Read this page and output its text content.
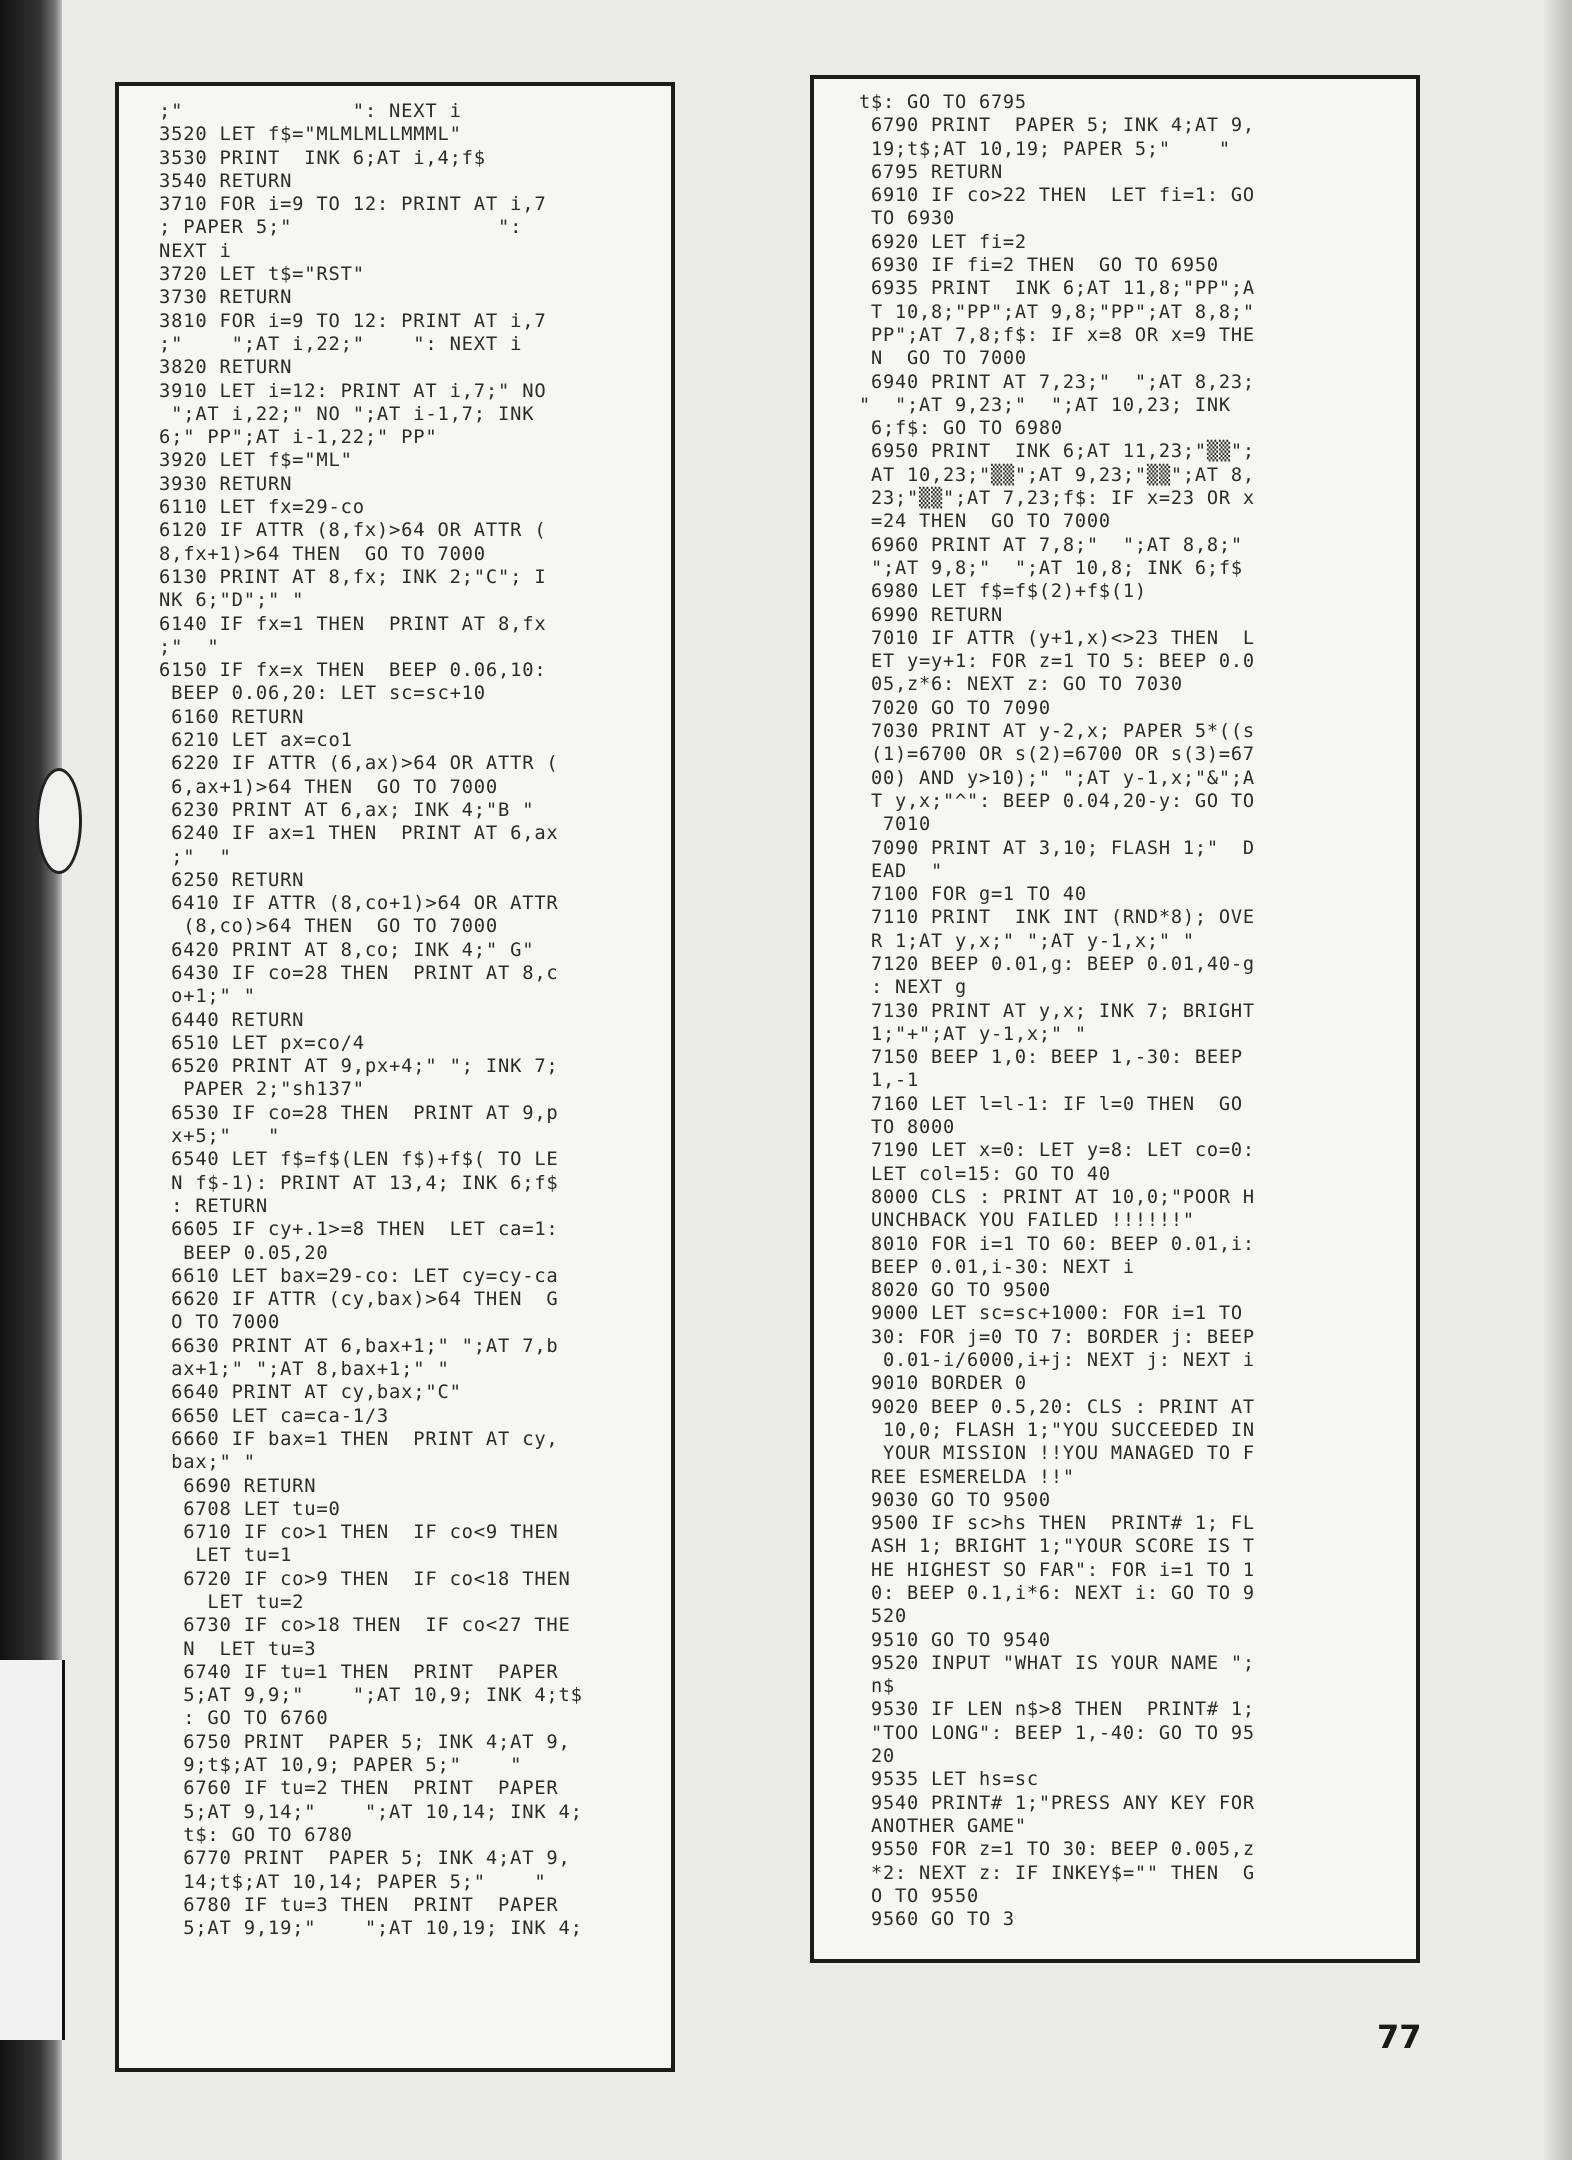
;"              ": NEXT i
3520 LET f$="MLMLMLLMMML"
3530 PRINT  INK 6;AT i,4;f$
3540 RETURN
3710 FOR i=9 TO 12: PRINT AT i,7
; PAPER 5;"                 ":
NEXT i
3720 LET t$="RST"
3730 RETURN
3810 FOR i=9 TO 12: PRINT AT i,7
;"    ";AT i,22;"    ": NEXT i
3820 RETURN
3910 LET i=12: PRINT AT i,7;" NO
";AT i,22;" NO ";AT i-1,7; INK
6;" PP";AT i-1,22;" PP"
3920 LET f$="ML"
3930 RETURN
6110 LET fx=29-co
6120 IF ATTR (8,fx)>64 OR ATTR (
8,fx+1)>64 THEN  GO TO 7000
6130 PRINT AT 8,fx; INK 2;"C"; I
NK 6;"D";" "
6140 IF fx=1 THEN  PRINT AT 8,fx
;"  "
6150 IF fx=x THEN  BEEP 0.06,10:
BEEP 0.06,20: LET sc=sc+10
6160 RETURN
6210 LET ax=co1
6220 IF ATTR (6,ax)>64 OR ATTR (
6,ax+1)>64 THEN  GO TO 7000
6230 PRINT AT 6,ax; INK 4;"B "
6240 IF ax=1 THEN  PRINT AT 6,ax
;"  "
6250 RETURN
6410 IF ATTR (8,co+1)>64 OR ATTR
(8,co)>64 THEN  GO TO 7000
6420 PRINT AT 8,co; INK 4;" G"
6430 IF co=28 THEN  PRINT AT 8,c
o+1;" "
6440 RETURN
6510 LET px=co/4
6520 PRINT AT 9,px+4;" "; INK 7;
PAPER 2;"sh137"
6530 IF co=28 THEN  PRINT AT 9,p
x+5;"   "
6540 LET f$=f$(LEN f$)+f$( TO LE
N f$-1): PRINT AT 13,4; INK 6;f$
: RETURN
6605 IF cy+.1>=8 THEN  LET ca=1:
BEEP 0.05,20
6610 LET bax=29-co: LET cy=cy-ca
6620 IF ATTR (cy,bax)>64 THEN  G
O TO 7000
6630 PRINT AT 6,bax+1;" ";AT 7,b
ax+1;" ";AT 8,bax+1;" "
6640 PRINT AT cy,bax;"C"
6650 LET ca=ca-1/3
6660 IF bax=1 THEN  PRINT AT cy,
bax;" "
6690 RETURN
6708 LET tu=0
6710 IF co>1 THEN  IF co<9 THEN
LET tu=1
6720 IF co>9 THEN  IF co<18 THEN
LET tu=2
6730 IF co>18 THEN  IF co<27 THE
N  LET tu=3
6740 IF tu=1 THEN  PRINT  PAPER
5;AT 9,9;"    ";AT 10,9; INK 4;t$
: GO TO 6760
6750 PRINT  PAPER 5; INK 4;AT 9,
9;t$;AT 10,9; PAPER 5;"    "
6760 IF tu=2 THEN  PRINT  PAPER
5;AT 9,14;"    ";AT 10,14; INK 4;
t$: GO TO 6780
6770 PRINT  PAPER 5; INK 4;AT 9,
14;t$;AT 10,14; PAPER 5;"    "
6780 IF tu=3 THEN  PRINT  PAPER
5;AT 9,19;"    ";AT 10,19; INK 4;
t$: GO TO 6795
6790 PRINT  PAPER 5; INK 4;AT 9,
19;t$;AT 10,19; PAPER 5;"    "
6795 RETURN
6910 IF co>22 THEN  LET fi=1: GO
TO 6930
6920 LET fi=2
6930 IF fi=2 THEN  GO TO 6950
6935 PRINT  INK 6;AT 11,8;"PP";A
T 10,8;"PP";AT 9,8;"PP";AT 8,8;"
PP";AT 7,8;f$: IF x=8 OR x=9 THE
N  GO TO 7000
6940 PRINT AT 7,23;"  ";AT 8,23;
"  ";AT 9,23;"  ";AT 10,23; INK
6;f$: GO TO 6980
6950 PRINT  INK 6;AT 11,23;"▒▒";
AT 10,23;"▒▒";AT 9,23;"▒▒";AT 8,
23;"▒▒";AT 7,23;f$: IF x=23 OR x
=24 THEN  GO TO 7000
6960 PRINT AT 7,8;"  ";AT 8,8;"
";AT 9,8;"  ";AT 10,8; INK 6;f$
6980 LET f$=f$(2)+f$(1)
6990 RETURN
7010 IF ATTR (y+1,x)<>23 THEN  L
ET y=y+1: FOR z=1 TO 5: BEEP 0.0
05,z*6: NEXT z: GO TO 7030
7020 GO TO 7090
7030 PRINT AT y-2,x; PAPER 5*((s
(1)=6700 OR s(2)=6700 OR s(3)=67
00) AND y>10);" ";AT y-1,x;"&";A
T y,x;"^": BEEP 0.04,20-y: GO TO
7010
7090 PRINT AT 3,10; FLASH 1;"  D
EAD  "
7100 FOR g=1 TO 40
7110 PRINT  INK INT (RND*8); OVE
R 1;AT y,x;" ";AT y-1,x;" "
7120 BEEP 0.01,g: BEEP 0.01,40-g
: NEXT g
7130 PRINT AT y,x; INK 7; BRIGHT
1;"+";AT y-1,x;" "
7150 BEEP 1,0: BEEP 1,-30: BEEP
1,-1
7160 LET l=l-1: IF l=0 THEN  GO
TO 8000
7190 LET x=0: LET y=8: LET co=0:
LET col=15: GO TO 40
8000 CLS : PRINT AT 10,0;"POOR H
UNCHBACK YOU FAILED !!!!!!"
8010 FOR i=1 TO 60: BEEP 0.01,i:
BEEP 0.01,i-30: NEXT i
8020 GO TO 9500
9000 LET sc=sc+1000: FOR i=1 TO
30: FOR j=0 TO 7: BORDER j: BEEP
0.01-i/6000,i+j: NEXT j: NEXT i
9010 BORDER 0
9020 BEEP 0.5,20: CLS : PRINT AT
10,0; FLASH 1;"YOU SUCCEEDED IN
YOUR MISSION !!YOU MANAGED TO F
REE ESMERELDA !!"
9030 GO TO 9500
9500 IF sc>hs THEN  PRINT# 1; FL
ASH 1; BRIGHT 1;"YOUR SCORE IS T
HE HIGHEST SO FAR": FOR i=1 TO 1
0: BEEP 0.1,i*6: NEXT i: GO TO 9
520
9510 GO TO 9540
9520 INPUT "WHAT IS YOUR NAME ";
n$
9530 IF LEN n$>8 THEN  PRINT# 1;
"TOO LONG": BEEP 1,-40: GO TO 95
20
9535 LET hs=sc
9540 PRINT# 1;"PRESS ANY KEY FOR
ANOTHER GAME"
9550 FOR z=1 TO 30: BEEP 0.005,z
*2: NEXT z: IF INKEY$="" THEN  G
O TO 9550
9560 GO TO 3
77
